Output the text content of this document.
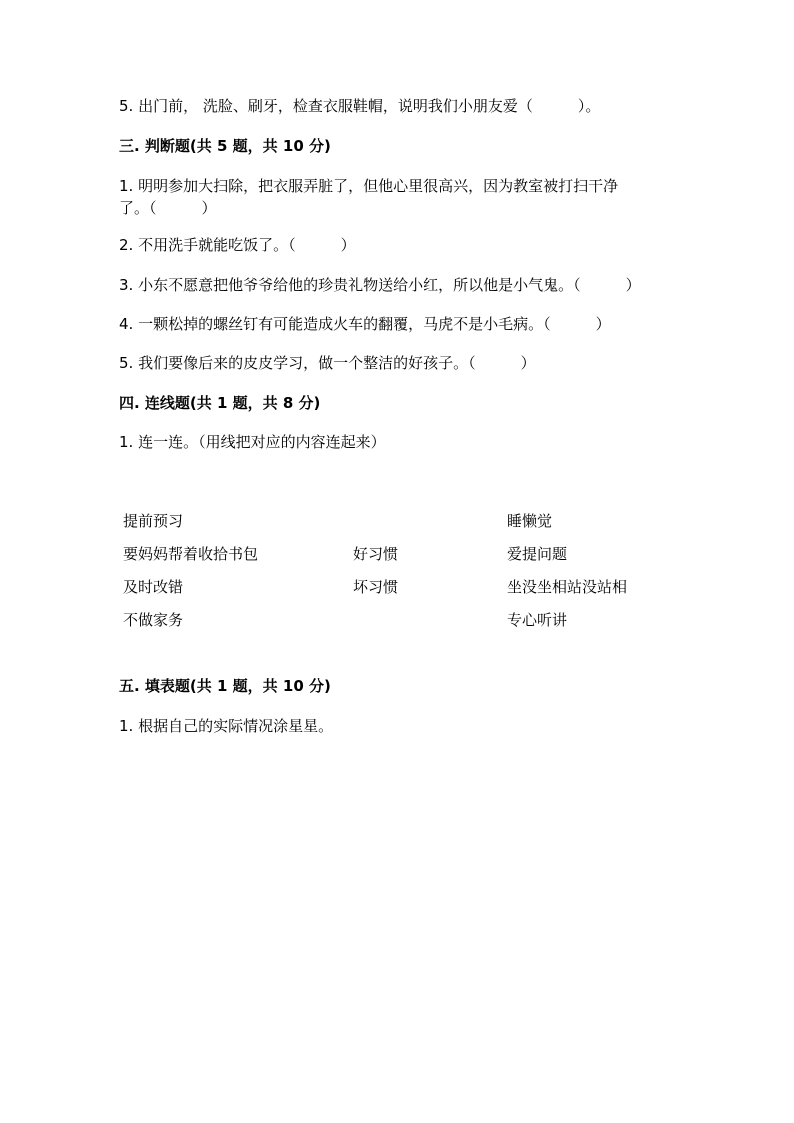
5. 出门前， 洗脸、刷牙，检查衣服鞋帽，说明我们小朋友爱（　　　）。
三. 判断题(共 5 题，共 10 分)
1. 明明参加大扫除，把衣服弄脏了，但他心里很高兴，因为教室被打扫干净
了。（　　　）
2. 不用洗手就能吃饭了。（　　　）
3. 小东不愿意把他爷爷给他的珍贵礼物送给小红，所以他是小气鬼。（　　　）
4. 一颗松掉的螺丝钉有可能造成火车的翻覆，马虎不是小毛病。（　　　）
5. 我们要像后来的皮皮学习，做一个整洁的好孩子。（　　　）
四. 连线题(共 1 题，共 8 分)
1. 连一连。（用线把对应的内容连起来）
提前预习
要妈妈帮着收拾书包
及时改错
不做家务
好习惯
坏习惯
睡懒觉
爱提问题
坐没坐相站没站相
专心听讲
五. 填表题(共 1 题，共 10 分)
1. 根据自己的实际情况涂星星。
